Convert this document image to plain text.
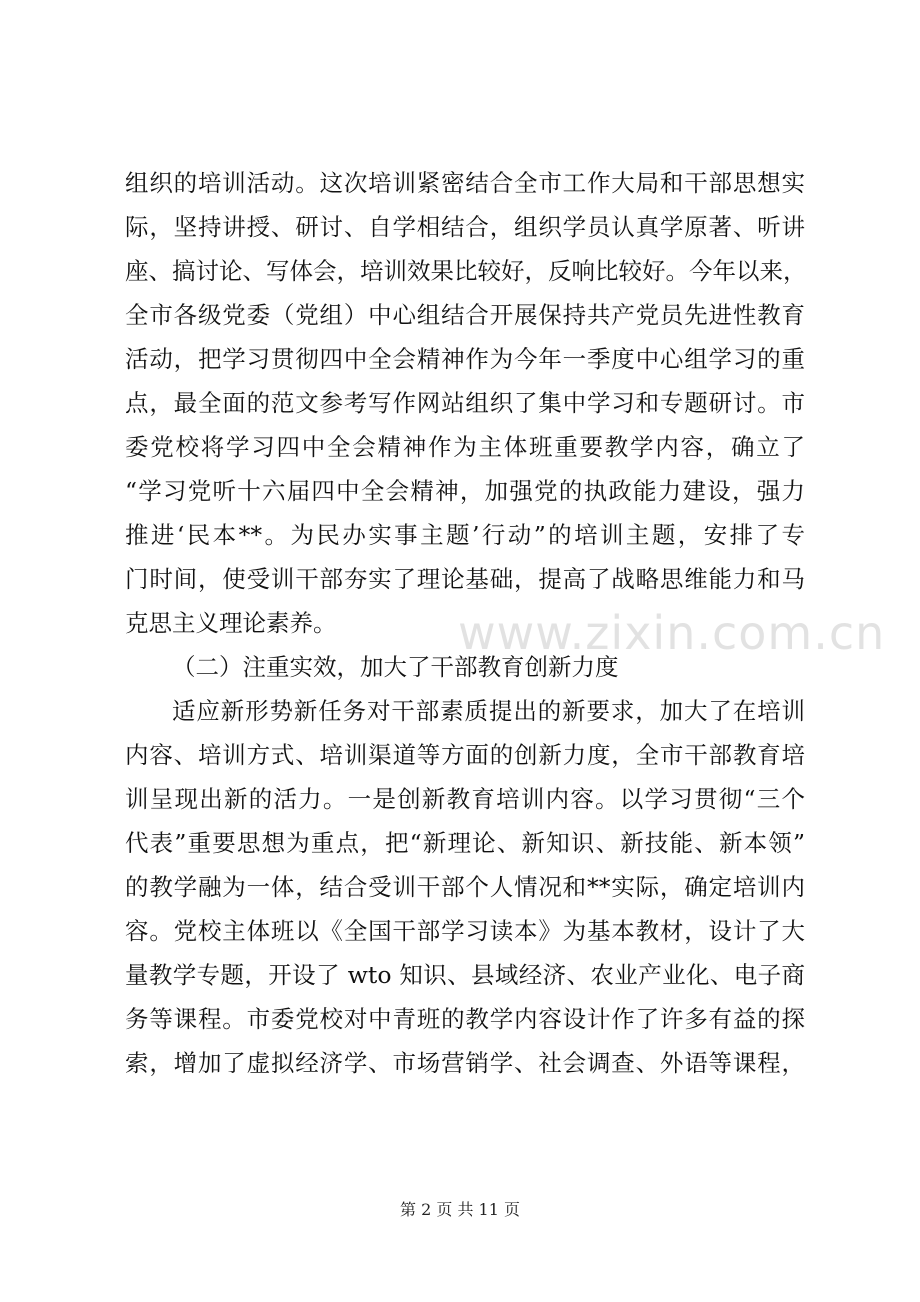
组织的培训活动。这次培训紧密结合全市工作大局和干部思想实
际，坚持讲授、研讨、自学相结合，组织学员认真学原著、听讲
座、搞讨论、写体会，培训效果比较好，反响比较好。今年以来，
全市各级党委（党组）中心组结合开展保持共产党员先进性教育
活动，把学习贯彻四中全会精神作为今年一季度中心组学习的重
点，最全面的范文参考写作网站组织了集中学习和专题研讨。市
委党校将学习四中全会精神作为主体班重要教学内容，确立了
“学习党听十六届四中全会精神，加强党的执政能力建设，强力
推进‘民本**。为民办实事主题’行动”的培训主题，安排了专
门时间，使受训干部夯实了理论基础，提高了战略思维能力和马
克思主义理论素养。
（二）注重实效，加大了干部教育创新力度
适应新形势新任务对干部素质提出的新要求，加大了在培训
内容、培训方式、培训渠道等方面的创新力度，全市干部教育培
训呈现出新的活力。一是创新教育培训内容。以学习贯彻“三个
代表”重要思想为重点，把“新理论、新知识、新技能、新本领”
的教学融为一体，结合受训干部个人情况和**实际，确定培训内
容。党校主体班以《全国干部学习读本》为基本教材，设计了大
量教学专题，开设了 wto 知识、县域经济、农业产业化、电子商
务等课程。市委党校对中青班的教学内容设计作了许多有益的探
索，增加了虚拟经济学、市场营销学、社会调查、外语等课程，
www.zixin.com.cn
第 2 页 共 11 页
